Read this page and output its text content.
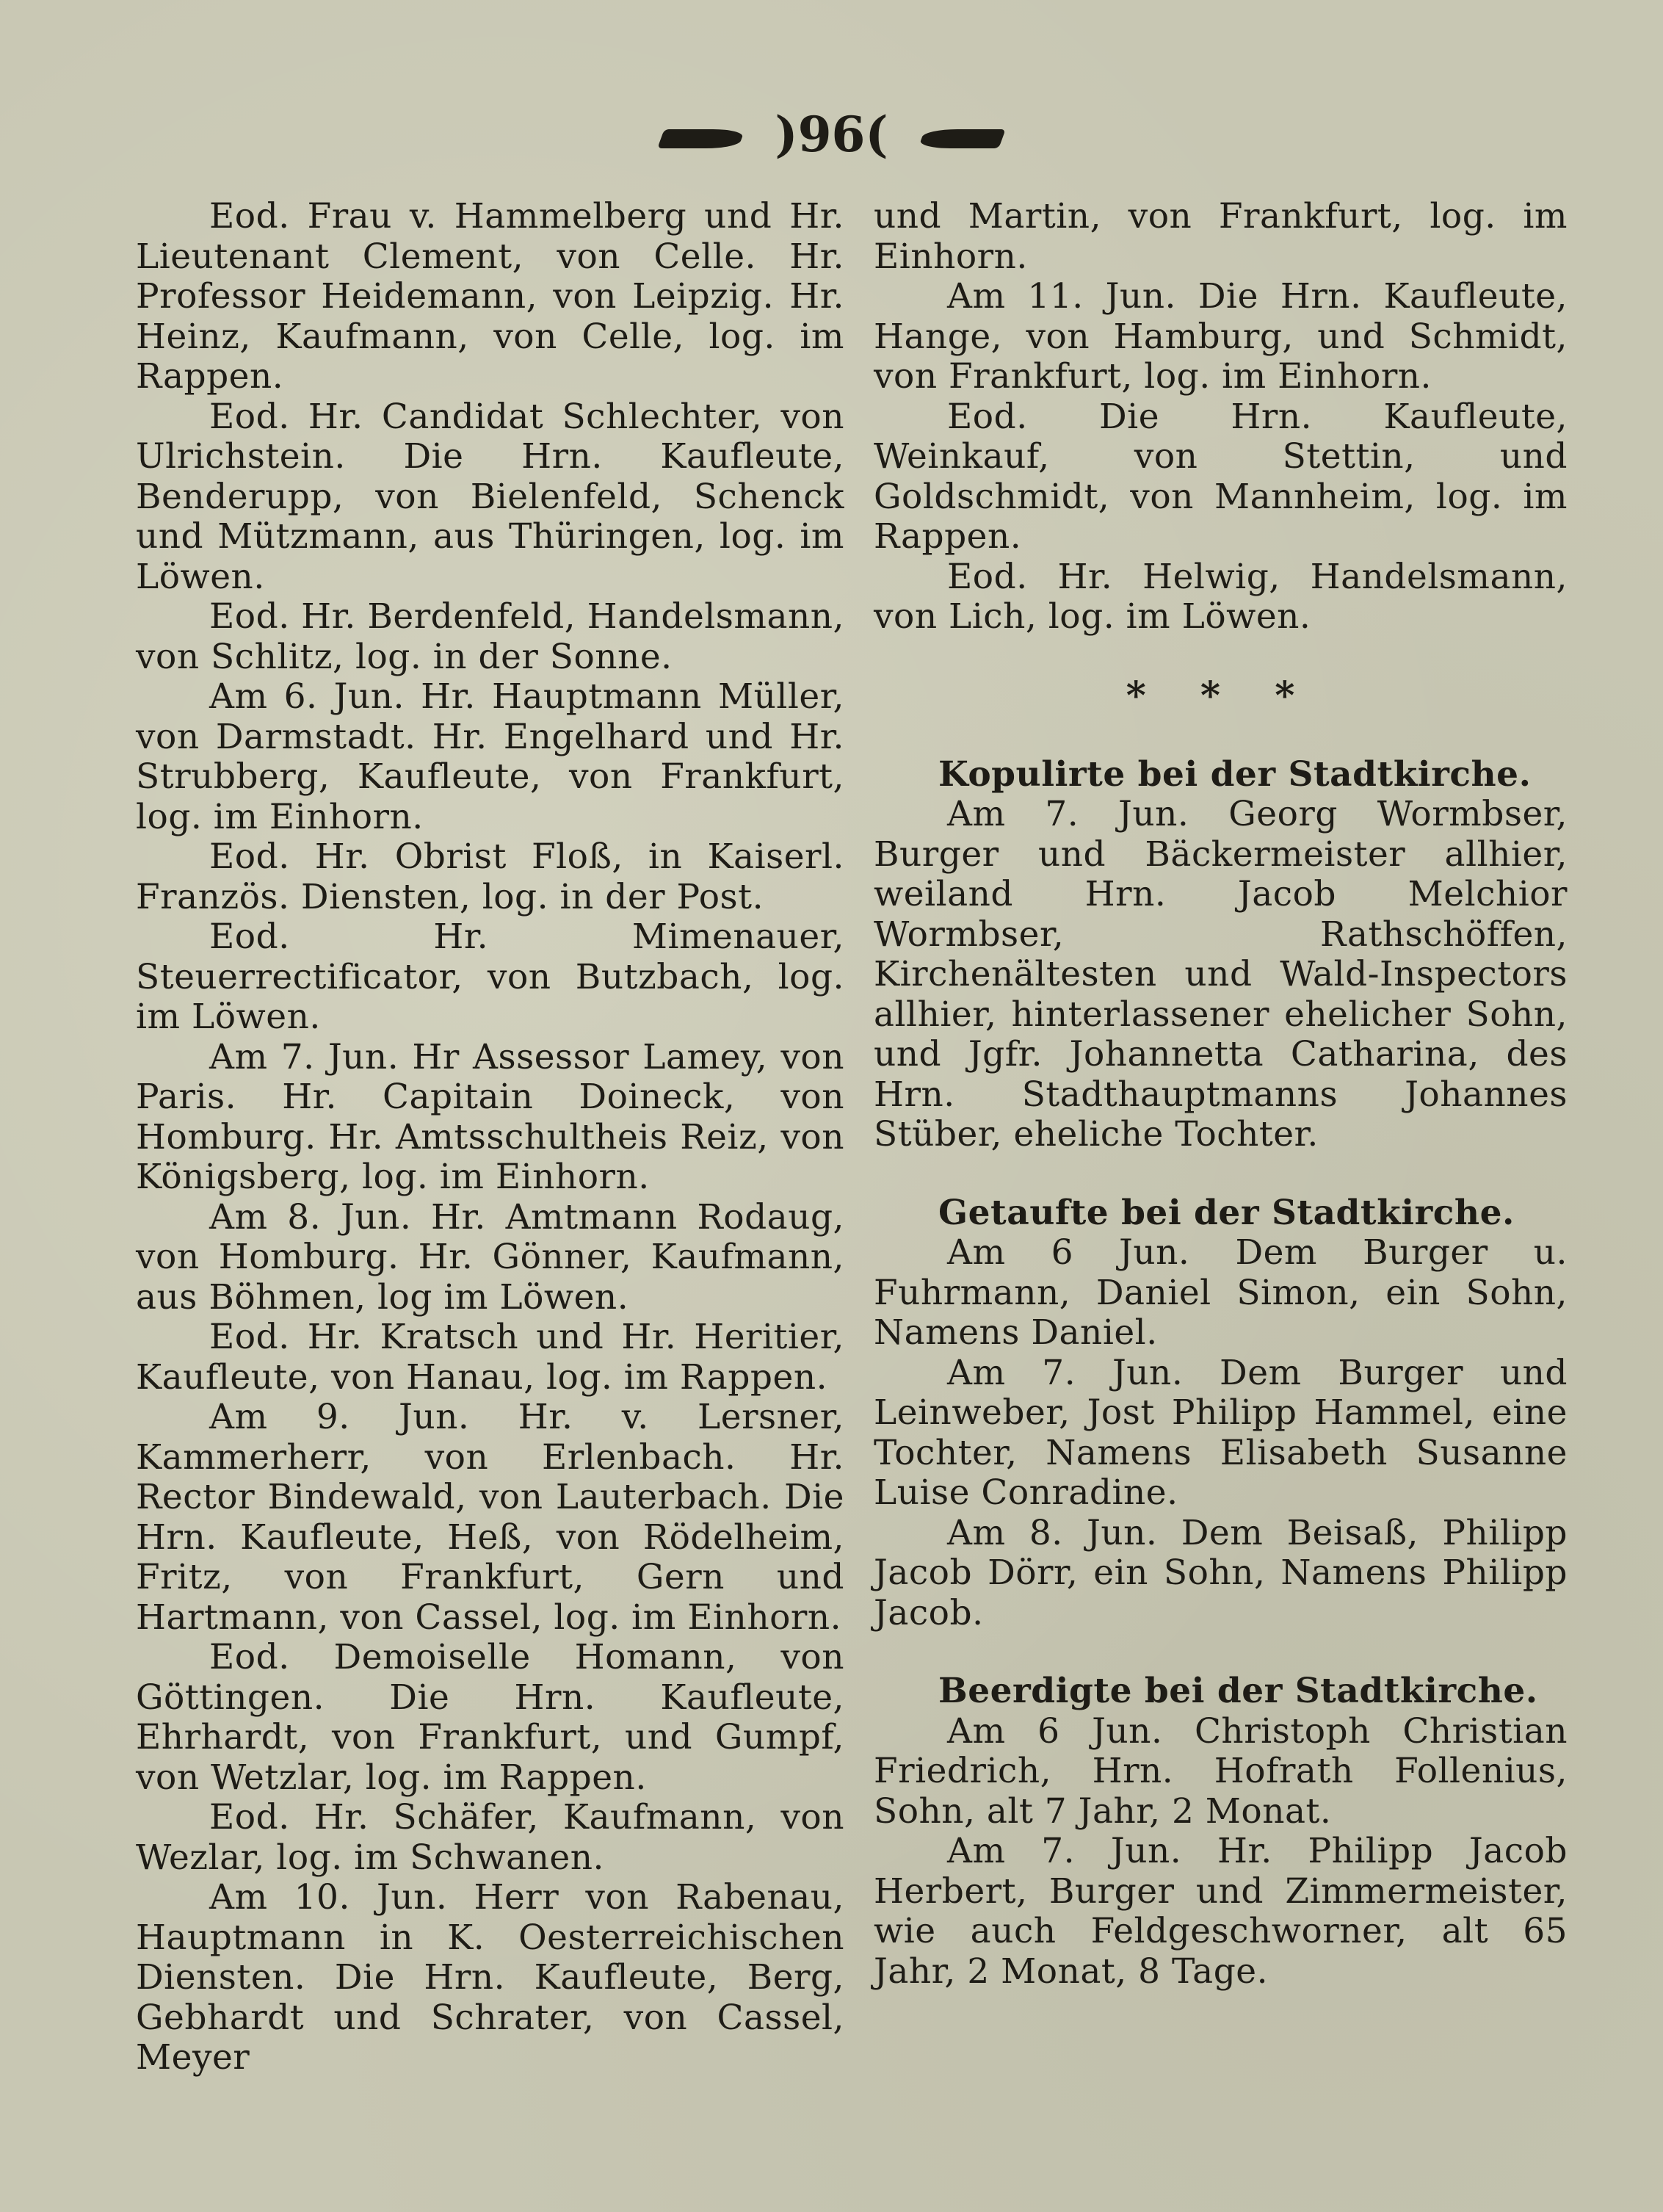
)96(

Eod. Frau v. Hammelberg und Hr. Lieutenant Clement, von Celle. Hr. Professor Heidemann, von Leipzig. Hr. Heinz, Kaufmann, von Celle, log. im Rappen.

Eod. Hr. Candidat Schlechter, von Ulrichstein. Die Hrn. Kaufleute, Benderupp, von Bielenfeld, Schenck und Mützmann, aus Thüringen, log. im Löwen.

Eod. Hr. Berdenfeld, Handelsmann, von Schlitz, log. in der Sonne.

Am 6. Jun. Hr. Hauptmann Müller, von Darmstadt. Hr. Engelhard und Hr. Strubberg, Kaufleute, von Frankfurt, log. im Einhorn.

Eod. Hr. Obrist Floß, in Kaiserl. Französ. Diensten, log. in der Post.

Eod. Hr. Mimenauer, Steuerrectificator, von Butzbach, log. im Löwen.

Am 7. Jun. Hr Assessor Lamey, von Paris. Hr. Capitain Doineck, von Homburg. Hr. Amtsschultheis Reiz, von Königsberg, log. im Einhorn.

Am 8. Jun. Hr. Amtmann Rodaug, von Homburg. Hr. Gönner, Kaufmann, aus Böhmen, log im Löwen.

Eod. Hr. Kratsch und Hr. Heritier, Kaufleute, von Hanau, log. im Rappen.

Am 9. Jun. Hr. v. Lersner, Kammerherr, von Erlenbach. Hr. Rector Bindewald, von Lauterbach. Die Hrn. Kaufleute, Heß, von Rödelheim, Fritz, von Frankfurt, Gern und Hartmann, von Cassel, log. im Einhorn.

Eod. Demoiselle Homann, von Göttingen. Die Hrn. Kaufleute, Ehrhardt, von Frankfurt, und Gumpf, von Wetzlar, log. im Rappen.

Eod. Hr. Schäfer, Kaufmann, von Wezlar, log. im Schwanen.

Am 10. Jun. Herr von Rabenau, Hauptmann in K. Oesterreichischen Diensten. Die Hrn. Kaufleute, Berg, Gebhardt und Schrater, von Cassel, Meyer

und Martin, von Frankfurt, log. im Einhorn.

Am 11. Jun. Die Hrn. Kaufleute, Hange, von Hamburg, und Schmidt, von Frankfurt, log. im Einhorn.

Eod. Die Hrn. Kaufleute, Weinkauf, von Stettin, und Goldschmidt, von Mannheim, log. im Rappen.

Eod. Hr. Helwig, Handelsmann, von Lich, log. im Löwen.

* * *

Kopulirte bei der Stadtkirche.

Am 7. Jun. Georg Wormbser, Burger und Bäckermeister allhier, weiland Hrn. Jacob Melchior Wormbser, Rathschöffen, Kirchenältesten und Wald-Inspectors allhier, hinterlassener ehelicher Sohn, und Jgfr. Johannetta Catharina, des Hrn. Stadthauptmanns Johannes Stüber, eheliche Tochter.

Getaufte bei der Stadtkirche.

Am 6 Jun. Dem Burger u. Fuhrmann, Daniel Simon, ein Sohn, Namens Daniel.

Am 7. Jun. Dem Burger und Leinweber, Jost Philipp Hammel, eine Tochter, Namens Elisabeth Susanne Luise Conradine.

Am 8. Jun. Dem Beisaß, Philipp Jacob Dörr, ein Sohn, Namens Philipp Jacob.

Beerdigte bei der Stadtkirche.

Am 6 Jun. Christoph Christian Friedrich, Hrn. Hofrath Follenius, Sohn, alt 7 Jahr, 2 Monat.

Am 7. Jun. Hr. Philipp Jacob Herbert, Burger und Zimmermeister, wie auch Feldgeschworner, alt 65 Jahr, 2 Monat, 8 Tage.
